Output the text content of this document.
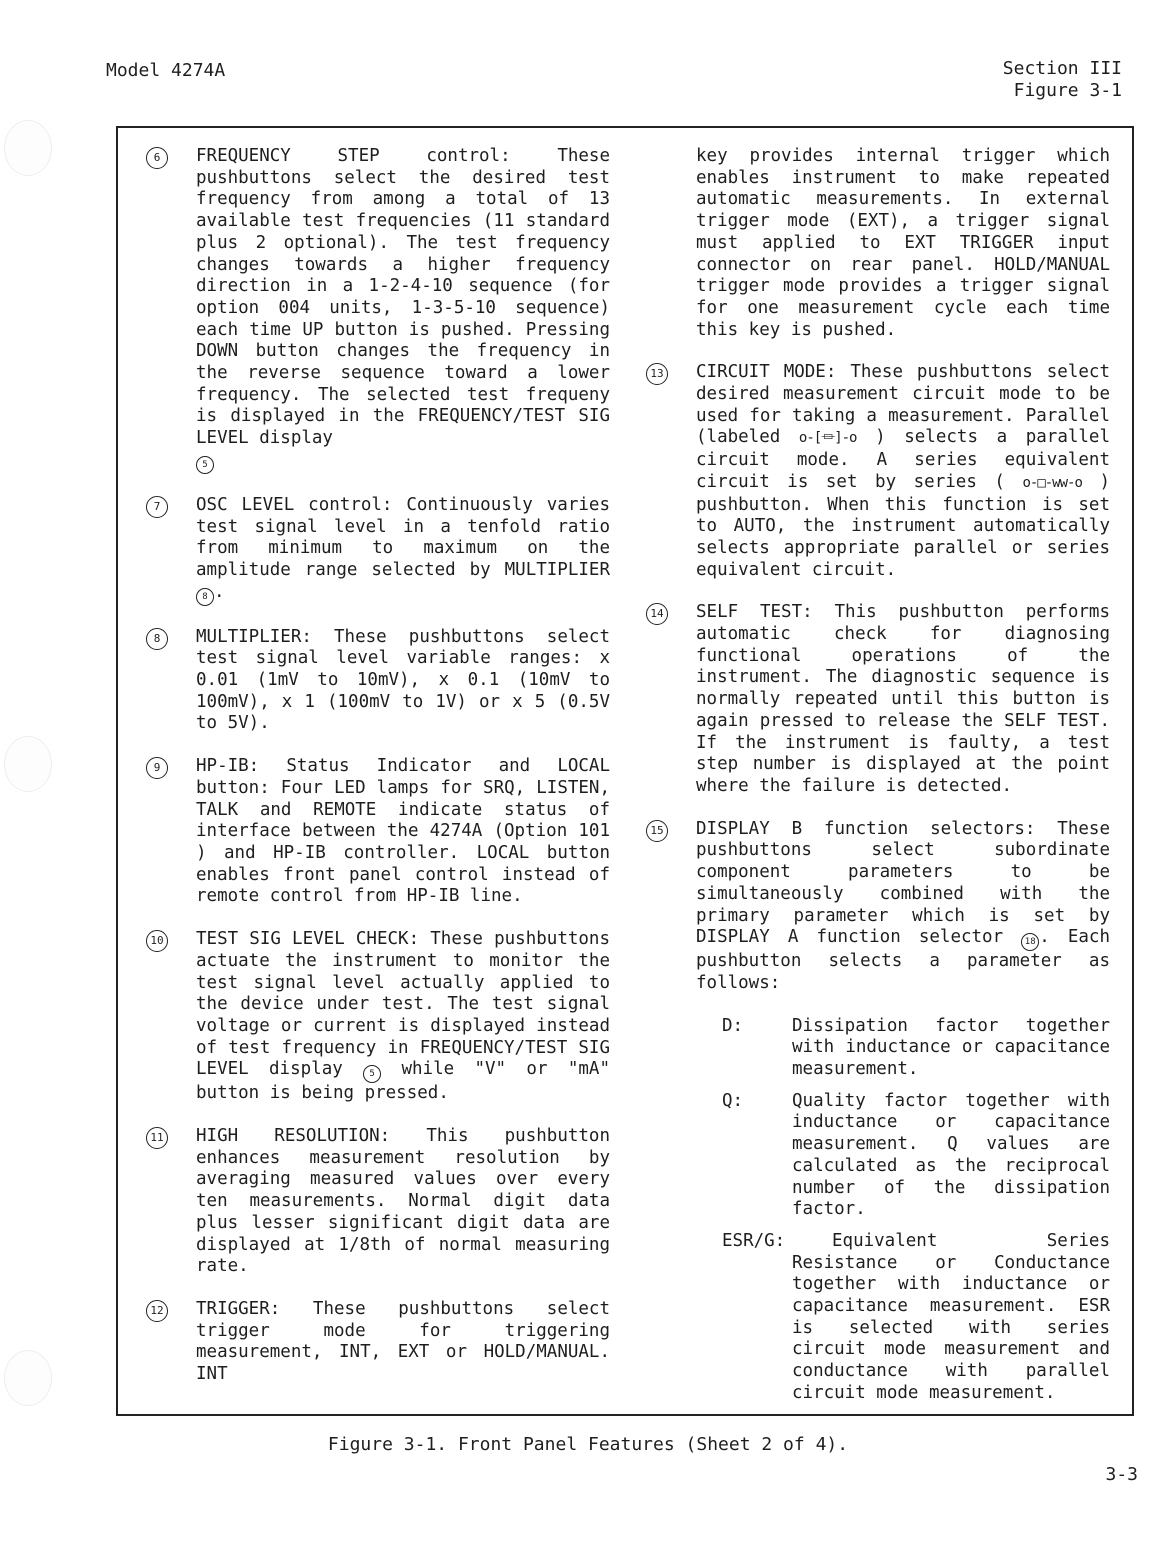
Model 4274A	Section III
Figure 3-1
6	FREQUENCY STEP control: These pushbuttons select the desired test frequency from among a total of 13 available test frequencies (11 standard plus 2 optional). The test frequency changes towards a higher frequency direction in a 1-2-4-10 sequence (for option 004 units, 1-3-5-10 sequence) each time UP button is pushed. Pressing DOWN button changes the frequency in the reverse sequence toward a lower frequency. The selected test frequeny is displayed in the FREQUENCY/TEST SIG LEVEL display
5

7	OSC LEVEL control: Continuously varies test signal level in a tenfold ratio from minimum to maximum on the amplitude range selected by MULTIPLIER8 .

8	MULTIPLIER: These pushbuttons select test signal level variable ranges: x 0.01 (1mV to 10mV), x 0.1 (10mV to 100mV), x 1 (100mV to 1V) or x 5 (0.5V to 5V).

9	HP-IB: Status Indicator and LOCAL button: Four LED lamps for SRQ, LISTEN, TALK and REMOTE indicate status of interface between the 4274A (Option 101 ) and HP-IB controller. LOCAL button enables front panel control instead of remote control from HP-IB line.

10 TEST SIG LEVEL CHECK: These pushbuttons actuate the instrument to monitor the test signal level actually applied to the device under test. The test signal voltage or current is displayed instead of test frequency in FREQUENCY/TEST SIG LEVEL display	5 while "V" or "mA" button is being pressed.

11 HIGH RESOLUTION: This pushbutton enhances measurement resolution by averaging measured values over every ten measurements. Normal digit data plus lesser significant digit data are displayed at 1/8th of normal measuring rate.

12 TRIGGER: These pushbuttons select trigger mode for triggering measurement, INT, EXT or HOLD/MANUAL. INT

key provides internal trigger which enables instrument to make repeated automatic measurements. In external trigger mode (EXT), a trigger signal must applied to EXT TRIGGER input connector on rear panel. HOLD/MANUAL trigger mode provides a trigger signal for one measurement cycle each time this key is pushed.

13 CIRCUIT MODE: These pushbuttons select desired measurement circuit mode to be used for taking a measurement. Parallel (labeled o-[⏛]-o ) selects a parallel circuit mode. A series equivalent circuit is set by series ( o-□-ww-o ) pushbutton. When this function is set to AUTO, the instrument automatically selects appropriate parallel or series equivalent circuit.

14 SELF TEST: This pushbutton performs automatic check for diagnosing functional operations of the instrument. The diagnostic sequence is normally repeated until this button is again pressed to release the SELF TEST. If the instrument is faulty, a test step number is displayed at the point where the failure is detected.

15 DISPLAY B function selectors: These pushbuttons select subordinate component parameters to be simultaneously combined with the primary parameter which is set by DISPLAY A function selector 18 . Each pushbutton selects a parameter as follows:

D:	Dissipation factor together with inductance or capacitance measurement.

Q:	Quality factor together with inductance or capacitance measurement. Q values are calculated as the reciprocal number of the dissipation factor.

ESR/G:	Equivalent Series Resistance or Conductance together with inductance or capacitance measurement. ESR is selected with series circuit mode measurement and conductance with parallel circuit mode measurement.

Figure 3-1. Front Panel Features (Sheet 2 of 4).
3-3
